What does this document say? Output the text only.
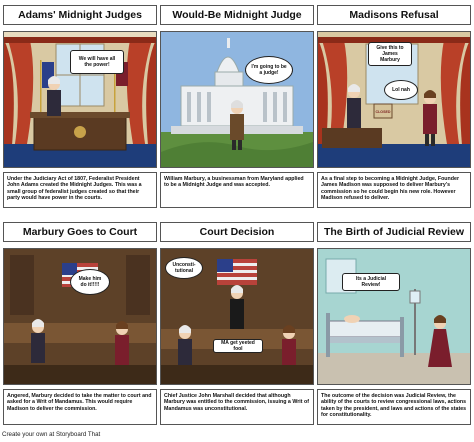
Adams' Midnight Judges
We will have all the power!
Under the Judiciary Act of 1807, Federalist President John Adams created the Midnight Judges. This was a small group of federalist judges created so that their party would have power in the courts.
Would-Be Midnight Judge
I'm going to be a judge!
William Marbury, a businessman from Maryland applied to be a Midnight Judge and was accepted.
Madisons Refusal
CLOSED
Give this to James Marbury
Lol nah
As a final step to becoming a Midnight Judge, Founder James Madison was supposed to deliver Marbury's commission so he could begin his new role. However Madison refused to deliver.
Marbury Goes to Court
Make him do it!!!!!
Angered, Marbury decided to take the matter to court and asked for a Writ of Mandamus. This would require Madison to deliver the commission.
Court Decision
Unconsti-tutional
MA get yeeted fool
Chief Justice John Marshall decided that although Marbury was entitled to the commission, issuing a Writ of Mandamus was unconstitutional.
The Birth of Judicial Review
Its a Judicial Review!
The outcome of the decision was Judicial Review, the ability of the courts to review congressional laws, actions taken by the president, and laws and actions of the states for constitutionality.
Create your own at Storyboard That
